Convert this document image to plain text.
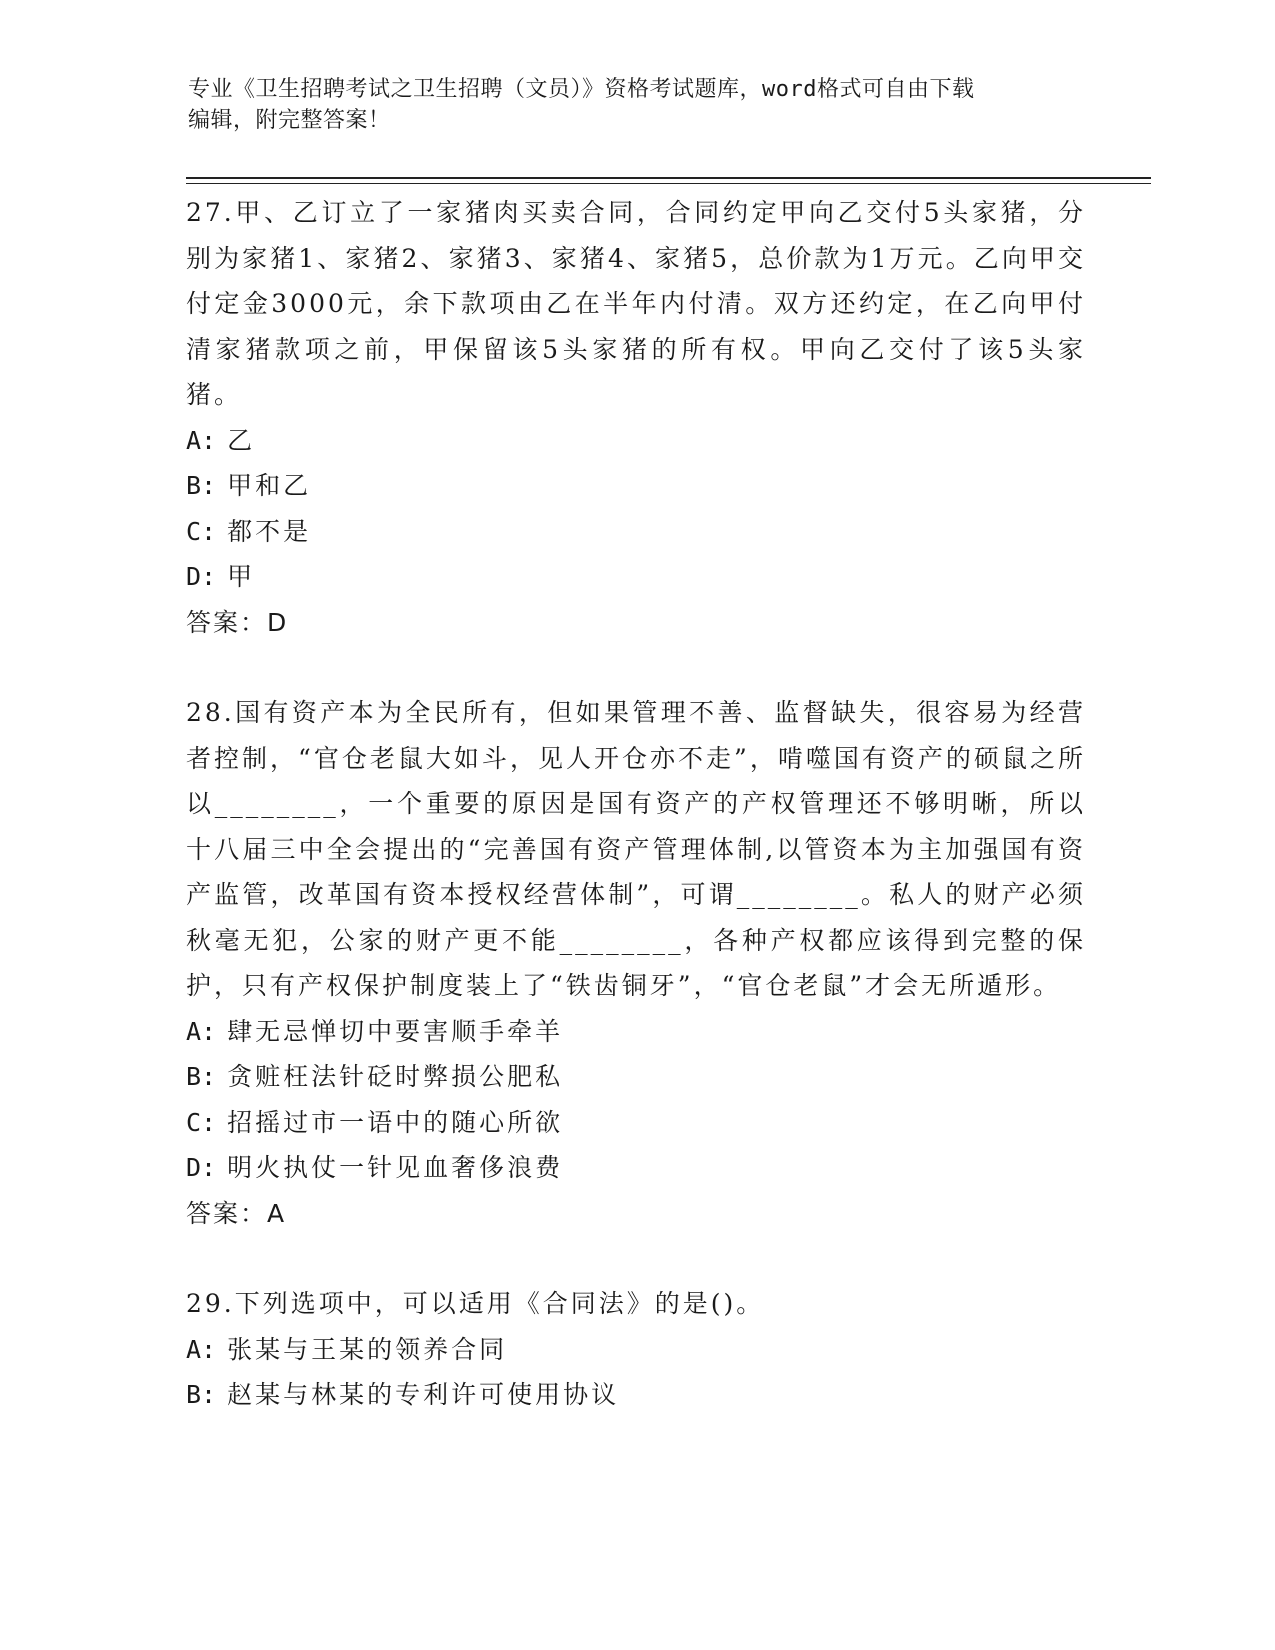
专业《卫生招聘考试之卫生招聘（文员）》资格考试题库，word格式可自由下载
编辑，附完整答案！
27.甲、乙订立了一家猪肉买卖合同，合同约定甲向乙交付5头家猪，分别为家猪1、家猪2、家猪3、家猪4、家猪5，总价款为1万元。乙向甲交付定金3000元，余下款项由乙在半年内付清。双方还约定，在乙向甲付清家猪款项之前，甲保留该5头家猪的所有权。甲向乙交付了该5头家猪。
A: 乙
B: 甲和乙
C: 都不是
D: 甲
答案：D
28.国有资产本为全民所有，但如果管理不善、监督缺失，很容易为经营者控制，“官仓老鼠大如斗，见人开仓亦不走”，啃噬国有资产的硕鼠之所以________，一个重要的原因是国有资产的产权管理还不够明晰，所以十八届三中全会提出的“完善国有资产管理体制,以管资本为主加强国有资产监管，改革国有资本授权经营体制”，可谓________。私人的财产必须秋毫无犯，公家的财产更不能________，各种产权都应该得到完整的保护，只有产权保护制度装上了“铁齿铜牙”，“官仓老鼠”才会无所遁形。
A: 肆无忌惮切中要害顺手牵羊
B: 贪赃枉法针砭时弊损公肥私
C: 招摇过市一语中的随心所欲
D: 明火执仗一针见血奢侈浪费
答案：A
29.下列选项中，可以适用《合同法》的是()。
A: 张某与王某的领养合同
B: 赵某与林某的专利许可使用协议
